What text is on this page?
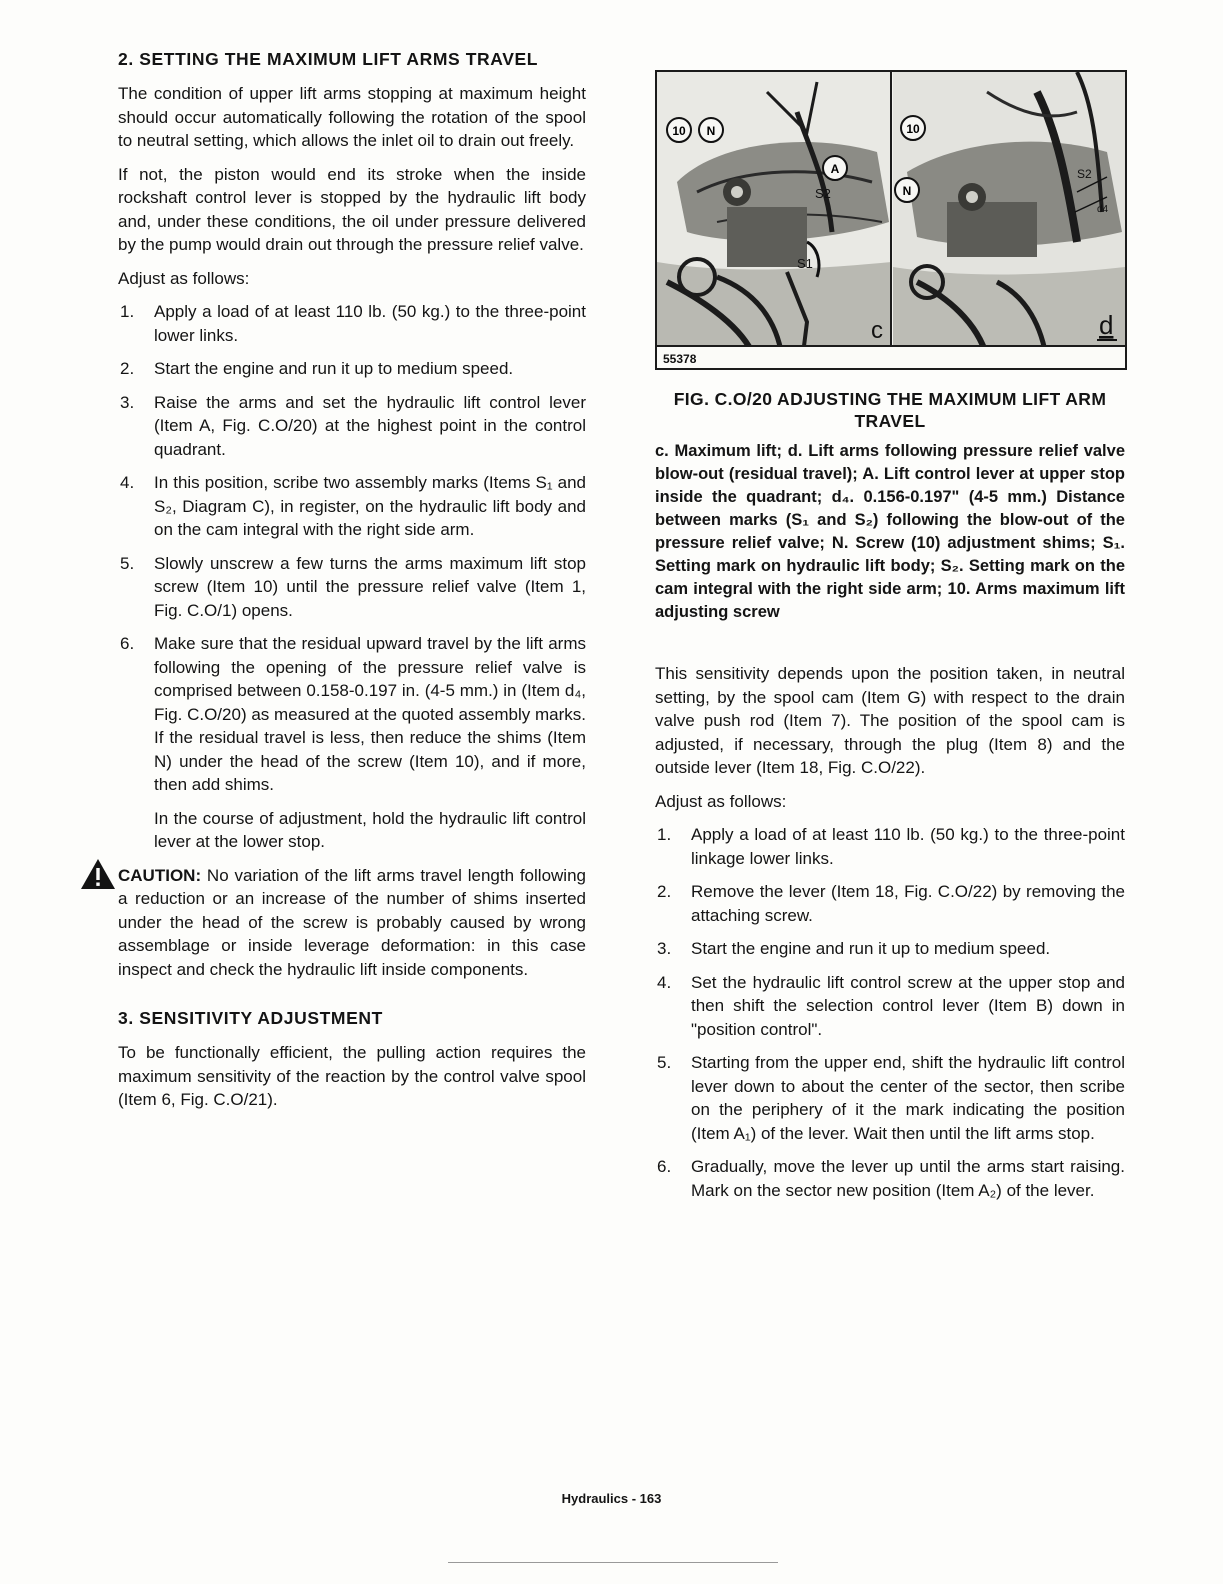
2. SETTING THE MAXIMUM LIFT ARMS TRAVEL

The condition of upper lift arms stopping at maximum height should occur automatically following the rotation of the spool to neutral setting, which allows the inlet oil to drain out freely.

If not, the piston would end its stroke when the inside rockshaft control lever is stopped by the hydraulic lift body and, under these conditions, the oil under pressure delivered by the pump would drain out through the pressure relief valve.

Adjust as follows:

1. Apply a load of at least 110 lb. (50 kg.) to the three-point lower links.
2. Start the engine and run it up to medium speed.
3. Raise the arms and set the hydraulic lift control lever (Item A, Fig. C.O/20) at the highest point in the control quadrant.
4. In this position, scribe two assembly marks (Items S₁ and S₂, Diagram C), in register, on the hydraulic lift body and on the cam integral with the right side arm.
5. Slowly unscrew a few turns the arms maximum lift stop screw (Item 10) until the pressure relief valve (Item 1, Fig. C.O/1) opens.
6. Make sure that the residual upward travel by the lift arms following the opening of the pressure relief valve is comprised between 0.158-0.197 in. (4-5 mm.) in (Item d₄, Fig. C.O/20) as measured at the quoted assembly marks. If the residual travel is less, then reduce the shims (Item N) under the head of the screw (Item 10), and if more, then add shims.
In the course of adjustment, hold the hydraulic lift control lever at the lower stop.
CAUTION: No variation of the lift arms travel length following a reduction or an increase of the number of shims inserted under the head of the screw is probably caused by wrong assemblage or inside leverage deformation: in this case inspect and check the hydraulic lift inside components.
3. SENSITIVITY ADJUSTMENT

To be functionally efficient, the pulling action requires the maximum sensitivity of the reaction by the control valve spool (Item 6, Fig. C.O/21).

10 N
A
10
N
S2
S1
S2
d4
c	d
55378
FIG. C.O/20 ADJUSTING THE MAXIMUM LIFT ARM TRAVEL
c. Maximum lift; d. Lift arms following pressure relief valve blow-out (residual travel); A. Lift control lever at upper stop inside the quadrant; d₄. 0.156-0.197" (4-5 mm.) Distance between marks (S₁ and S₂) following the blow-out of the pressure relief valve; N. Screw (10) adjustment shims; S₁. Setting mark on hydraulic lift body; S₂. Setting mark on the cam integral with the right side arm; 10. Arms maximum lift adjusting screw

This sensitivity depends upon the position taken, in neutral setting, by the spool cam (Item G) with respect to the drain valve push rod (Item 7). The position of the spool cam is adjusted, if necessary, through the plug (Item 8) and the outside lever (Item 18, Fig. C.O/22).

Adjust as follows:

1. Apply a load of at least 110 lb. (50 kg.) to the three-point linkage lower links.
2. Remove the lever (Item 18, Fig. C.O/22) by removing the attaching screw.
3. Start the engine and run it up to medium speed.
4. Set the hydraulic lift control screw at the upper stop and then shift the selection control lever (Item B) down in "position control".
5. Starting from the upper end, shift the hydraulic lift control lever down to about the center of the sector, then scribe on the periphery of it the mark indicating the position (Item A₁) of the lever. Wait then until the lift arms stop.
6. Gradually, move the lever up until the arms start raising. Mark on the sector new position (Item A₂) of the lever.
Hydraulics - 163
